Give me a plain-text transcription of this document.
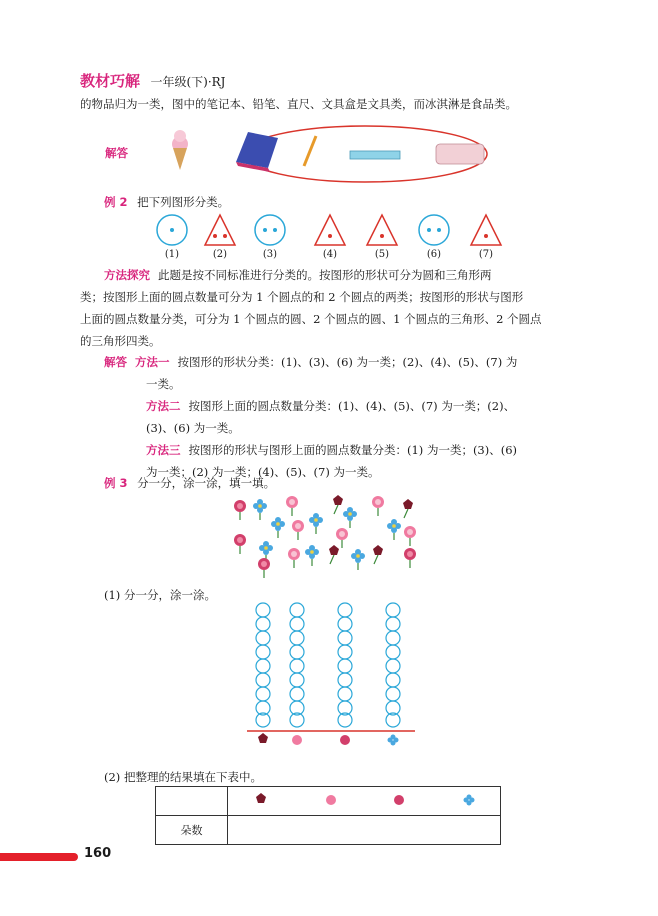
教材巧解 一年级(下)·RJ
的物品归为一类，图中的笔记本、铅笔、直尺、文具盒是文具类，而冰淇淋是食品类。
解答
例 2 把下列图形分类。
(1)	(2)	(3)	(4)	(5)	(6)	(7)
方法探究 此题是按不同标准进行分类的。按图形的形状可分为圆和三角形两
类；按图形上面的圆点数量可分为 1 个圆点的和 2 个圆点的两类；按图形的形状与图形
上面的圆点数量分类，可分为 1 个圆点的圆、2 个圆点的圆、1 个圆点的三角形、2 个圆点
的三角形四类。
解答 方法一 按图形的形状分类：(1)、(3)、(6) 为一类；(2)、(4)、(5)、(7) 为
一类。
方法二 按图形上面的圆点数量分类：(1)、(4)、(5)、(7) 为一类；(2)、
(3)、(6) 为一类。
方法三 按图形的形状与图形上面的圆点数量分类：(1) 为一类；(3)、(6)
为一类；(2) 为一类；(4)、(5)、(7) 为一类。
例 3 分一分，涂一涂，填一填。
(1) 分一分，涂一涂。
(2) 把整理的结果填在下表中。

朵数	
160
